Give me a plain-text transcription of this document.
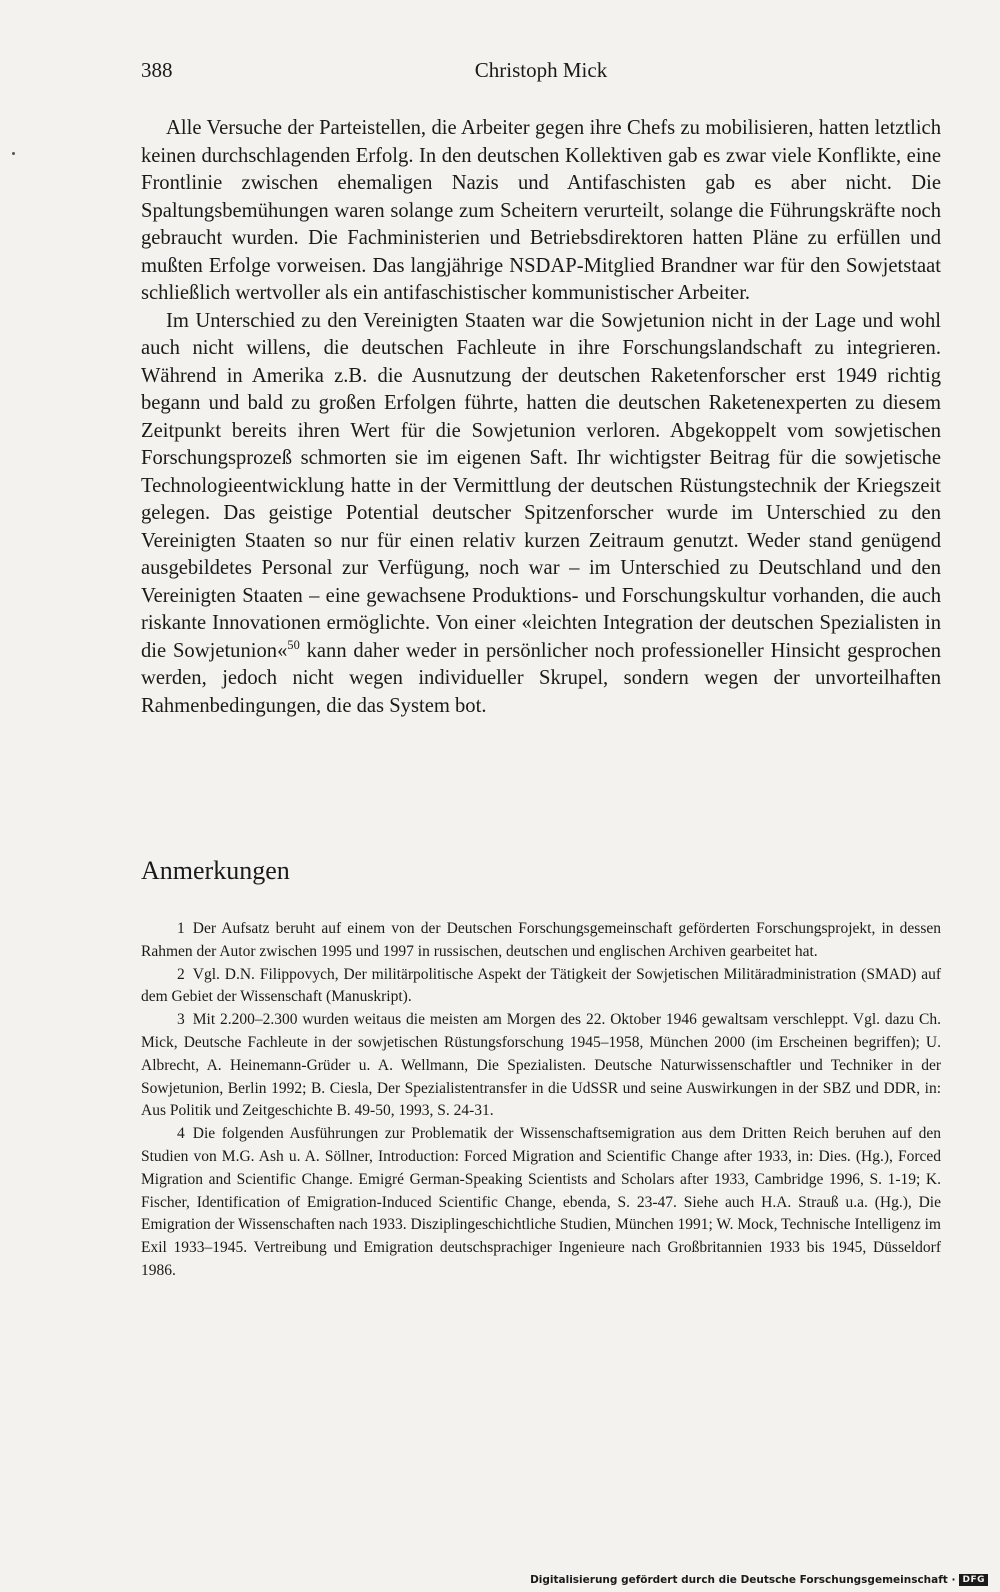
388	Christoph Mick

Alle Versuche der Parteistellen, die Arbeiter gegen ihre Chefs zu mobilisieren, hatten letztlich keinen durchschlagenden Erfolg. In den deutschen Kollektiven gab es zwar viele Konflikte, eine Frontlinie zwischen ehemaligen Nazis und Antifaschisten gab es aber nicht. Die Spaltungsbemühungen waren solange zum Scheitern verurteilt, solange die Führungskräfte noch gebraucht wurden. Die Fachministerien und Betriebsdirektoren hatten Pläne zu erfüllen und mußten Erfolge vorweisen. Das langjährige NSDAP-Mitglied Brandner war für den Sowjetstaat schließlich wertvoller als ein antifaschistischer kommunistischer Arbeiter.

Im Unterschied zu den Vereinigten Staaten war die Sowjetunion nicht in der Lage und wohl auch nicht willens, die deutschen Fachleute in ihre Forschungslandschaft zu integrieren. Während in Amerika z.B. die Ausnutzung der deutschen Raketenforscher erst 1949 richtig begann und bald zu großen Erfolgen führte, hatten die deutschen Raketenexperten zu diesem Zeitpunkt bereits ihren Wert für die Sowjetunion verloren. Abgekoppelt vom sowjetischen Forschungsprozeß schmorten sie im eigenen Saft. Ihr wichtigster Beitrag für die sowjetische Technologieentwicklung hatte in der Vermittlung der deutschen Rüstungstechnik der Kriegszeit gelegen. Das geistige Potential deutscher Spitzenforscher wurde im Unterschied zu den Vereinigten Staaten so nur für einen relativ kurzen Zeitraum genutzt. Weder stand genügend ausgebildetes Personal zur Verfügung, noch war – im Unterschied zu Deutschland und den Vereinigten Staaten – eine gewachsene Produktions- und Forschungskultur vorhanden, die auch riskante Innovationen ermöglichte. Von einer «leichten Integration der deutschen Spezialisten in die Sowjetunion«$^{50}$ kann daher weder in persönlicher noch professioneller Hinsicht gesprochen werden, jedoch nicht wegen individueller Skrupel, sondern wegen der unvorteilhaften Rahmenbedingungen, die das System bot.

Anmerkungen

1 Der Aufsatz beruht auf einem von der Deutschen Forschungsgemeinschaft geförderten Forschungsprojekt, in dessen Rahmen der Autor zwischen 1995 und 1997 in russischen, deutschen und englischen Archiven gearbeitet hat.

2 Vgl. D.N. Filippovych, Der militärpolitische Aspekt der Tätigkeit der Sowjetischen Militäradministration (SMAD) auf dem Gebiet der Wissenschaft (Manuskript).

3 Mit 2.200–2.300 wurden weitaus die meisten am Morgen des 22. Oktober 1946 gewaltsam verschleppt. Vgl. dazu Ch. Mick, Deutsche Fachleute in der sowjetischen Rüstungsforschung 1945–1958, München 2000 (im Erscheinen begriffen); U. Albrecht, A. Heinemann-Grüder u. A. Wellmann, Die Spezialisten. Deutsche Naturwissenschaftler und Techniker in der Sowjetunion, Berlin 1992; B. Ciesla, Der Spezialistentransfer in die UdSSR und seine Auswirkungen in der SBZ und DDR, in: Aus Politik und Zeitgeschichte B. 49-50, 1993, S. 24-31.

4 Die folgenden Ausführungen zur Problematik der Wissenschaftsemigration aus dem Dritten Reich beruhen auf den Studien von M.G. Ash u. A. Söllner, Introduction: Forced Migration and Scientific Change after 1933, in: Dies. (Hg.), Forced Migration and Scientific Change. Emigré German-Speaking Scientists and Scholars after 1933, Cambridge 1996, S. 1-19; K. Fischer, Identification of Emigration-Induced Scientific Change, ebenda, S. 23-47. Siehe auch H.A. Strauß u.a. (Hg.), Die Emigration der Wissenschaften nach 1933. Disziplingeschichtliche Studien, München 1991; W. Mock, Technische Intelligenz im Exil 1933–1945. Vertreibung und Emigration deutschsprachiger Ingenieure nach Großbritannien 1933 bis 1945, Düsseldorf 1986.

Digitalisierung gefördert durch die Deutsche Forschungsgemeinschaft · DFG
